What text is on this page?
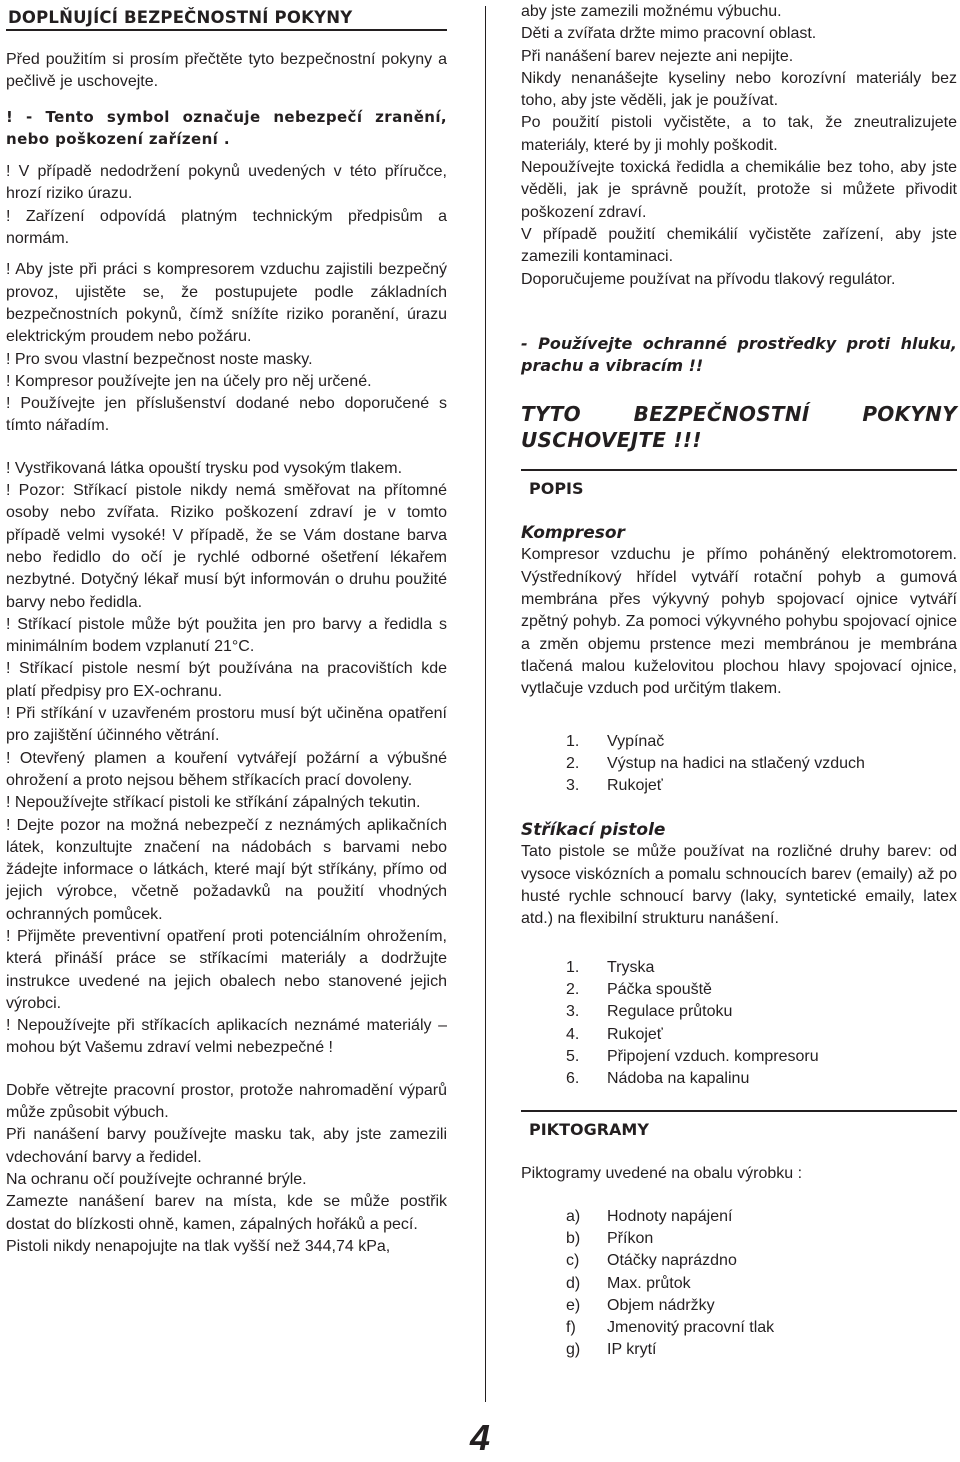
DOPLŇUJÍCÍ BEZPEČNOSTNÍ POKYNY

Před použitím si prosím přečtěte tyto bezpečnostní pokyny a pečlivě je uschovejte.

! - Tento symbol označuje nebezpečí zranění, nebo poškození zařízení .

! V případě nedodržení pokynů uvedených v této příručce, hrozí riziko úrazu.

! Zařízení odpovídá platným technickým předpisům a normám.

! Aby jste při práci s kompresorem vzduchu zajistili bezpečný provoz, ujistěte se, že postupujete podle základních bezpečnostních pokynů, čímž snížíte riziko poranění, úrazu elektrickým proudem nebo požáru.

! Pro svou vlastní bezpečnost noste masky.

! Kompresor používejte jen na účely pro něj určené.

! Používejte jen příslušenství dodané nebo doporučené s tímto nářadím.

! Vystřikovaná látka opouští trysku pod vysokým tlakem.

! Pozor: Stříkací pistole nikdy nemá směřovat na přítomné osoby nebo zvířata. Riziko poškození zdraví je v tomto případě velmi vysoké! V případě, že se Vám dostane barva nebo ředidlo do očí je rychlé odborné ošetření lékařem nezbytné. Dotyčný lékař musí být informován o druhu použité barvy nebo ředidla.

! Stříkací pistole může být použita jen pro barvy a ředidla s minimálním bodem vzplanutí 21°C.

! Stříkací pistole nesmí být používána na pracovištích kde platí předpisy pro EX-ochranu.

! Při stříkání v uzavřeném prostoru musí být učiněna opatření pro zajištění účinného větrání.

! Otevřený plamen a kouření vytvářejí požární a výbušné ohrožení a proto nejsou během stříkacích prací dovoleny.

! Nepoužívejte stříkací pistoli ke stříkání zápalných tekutin.

! Dejte pozor na možná nebezpečí z neznámých aplikačních látek, konzultujte značení na nádobách s barvami nebo žádejte informace o látkách, které mají být stříkány, přímo od jejich výrobce, včetně požadavků na použití vhodných ochranných pomůcek.

! Přijměte preventivní opatření proti potenciálním ohrožením, která přináší práce se stříkacími materiály a dodržujte instrukce uvedené na jejich obalech nebo stanovené jejich výrobci.

! Nepoužívejte při stříkacích aplikacích neznámé materiály – mohou být Vašemu zdraví velmi nebezpečné !

Dobře větrejte pracovní prostor, protože nahromadění výparů může způsobit výbuch.

Při nanášení barvy používejte masku tak, aby jste zamezili vdechování barvy a ředidel.

Na ochranu očí používejte ochranné brýle.

Zamezte nanášení barev na místa, kde se může postřik dostat do blízkosti ohně, kamen, zápalných hořáků a pecí.

Pistoli nikdy nenapojujte na tlak vyšší než 344,74 kPa,

aby jste zamezili možnému výbuchu.

Děti a zvířata držte mimo pracovní oblast.

Při nanášení barev nejezte ani nepijte.

Nikdy nenanášejte kyseliny nebo korozívní materiály bez toho, aby jste věděli, jak je používat.

Po použití pistoli vyčistěte, a to tak, že zneutralizujete materiály, které by ji mohly poškodit.

Nepoužívejte toxická ředidla a chemikálie bez toho, aby jste věděli, jak je správně použít, protože si můžete přivodit poškození zdraví.

V případě použití chemikálií vyčistěte zařízení, aby jste zamezili kontaminaci.

Doporučujeme používat na přívodu tlakový regulátor.

- Používejte ochranné prostředky proti hluku, prachu a vibracím !!

TYTO BEZPEČNOSTNÍ POKYNY USCHOVEJTE !!!

POPIS

Kompresor

Kompresor vzduchu je přímo poháněný elektromotorem. Výstředníkový hřídel vytváří rotační pohyb a gumová membrána přes výkyvný pohyb spojovací ojnice vytváří zpětný pohyb. Za pomoci výkyvného pohybu spojovací ojnice a změn objemu prstence mezi membránou je membrána tlačená malou kuželovitou plochou hlavy spojovací ojnice, vytlačuje vzduch pod určitým tlakem.

1.	Vypínač
2.	Výstup na hadici na stlačený vzduch
3.	Rukojeť

Stříkací pistole

Tato pistole se může používat na rozličné druhy barev: od vysoce viskózních a pomalu schnoucích barev (emaily) až po husté rychle schnoucí barvy (laky, syntetické emaily, latex atd.) na flexibilní strukturu nanášení.

1.	Tryska
2.	Páčka spouště
3.	Regulace průtoku
4.	Rukojeť
5.	Připojení vzduch. kompresoru
6.	Nádoba na kapalinu
PIKTOGRAMY

Piktogramy uvedené na obalu výrobku :

a)	Hodnoty napájení
b)	Příkon
c)	Otáčky naprázdno
d)	Max. průtok
e)	Objem nádržky
f)	Jmenovitý pracovní tlak
g)	IP krytí
4
